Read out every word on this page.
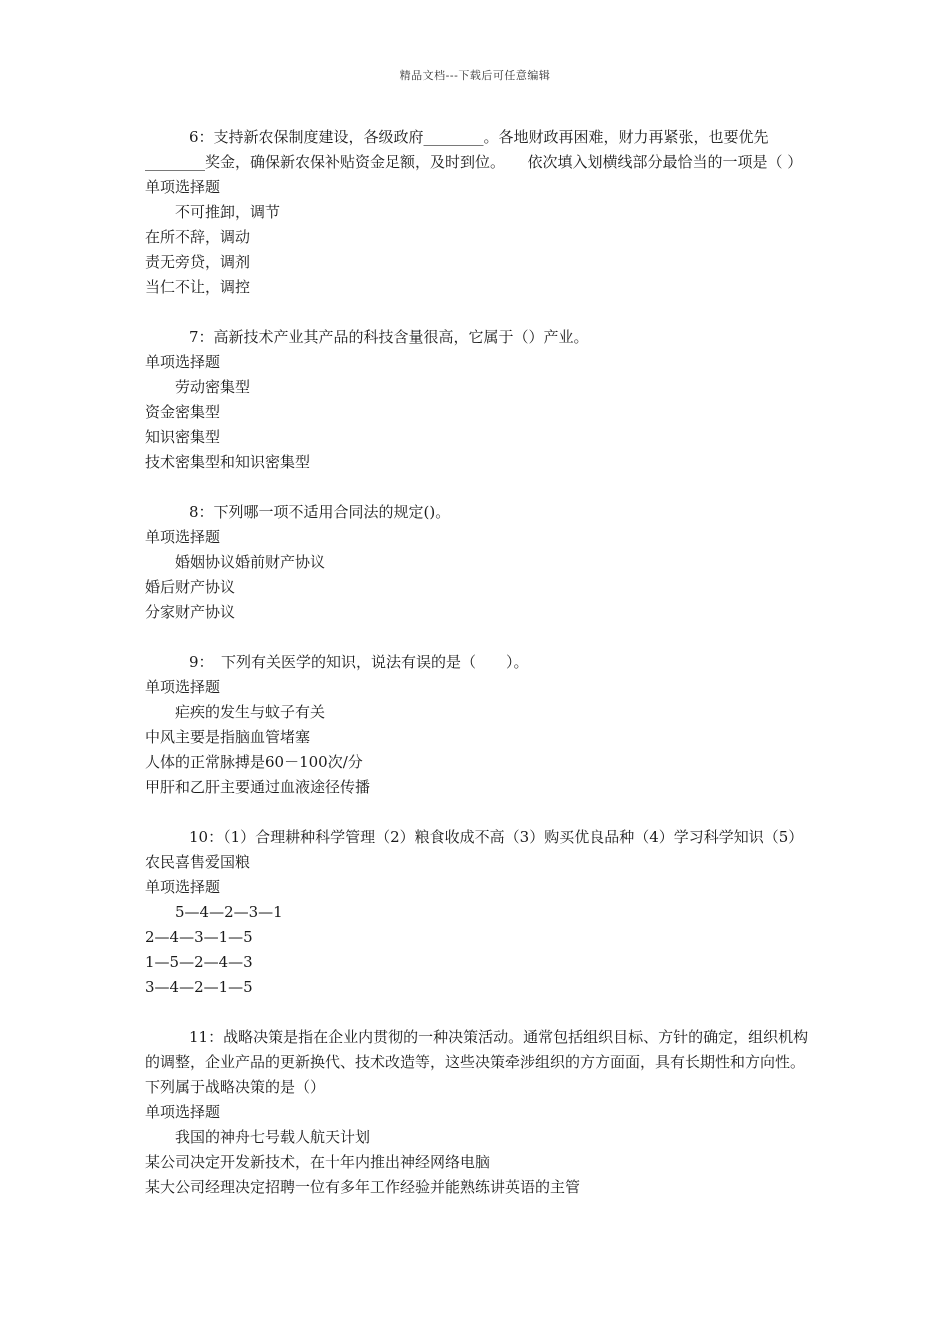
精品文档---下载后可任意编辑
6：支持新农保制度建设，各级政府________。各地财政再困难，财力再紧张，也要优先________奖金，确保新农保补贴资金足额，及时到位。　　依次填入划横线部分最恰当的一项是（ ）
单项选择题
不可推卸，调节
在所不辞，调动
责无旁贷，调剂
当仁不让，调控
7：高新技术产业其产品的科技含量很高，它属于（）产业。
单项选择题
劳动密集型
资金密集型
知识密集型
技术密集型和知识密集型
8：下列哪一项不适用合同法的规定()。
单项选择题
婚姻协议婚前财产协议
婚后财产协议
分家财产协议
9：　下列有关医学的知识，说法有误的是（　　）。
单项选择题
疟疾的发生与蚊子有关
中风主要是指脑血管堵塞
人体的正常脉搏是60－100次/分
甲肝和乙肝主要通过血液途径传播
10：（1）合理耕种科学管理（2）粮食收成不高（3）购买优良品种（4）学习科学知识（5）农民喜售爱国粮
单项选择题
5—4—2—3—1
2—4—3—1—5
1—5—2—4—3
3—4—2—1—5
11：战略决策是指在企业内贯彻的一种决策活动。通常包括组织目标、方针的确定，组织机构的调整，企业产品的更新换代、技术改造等，这些决策牵涉组织的方方面面，具有长期性和方向性。下列属于战略决策的是（）
单项选择题
我国的神舟七号载人航天计划
某公司决定开发新技术，在十年内推出神经网络电脑
某大公司经理决定招聘一位有多年工作经验并能熟练讲英语的主管
